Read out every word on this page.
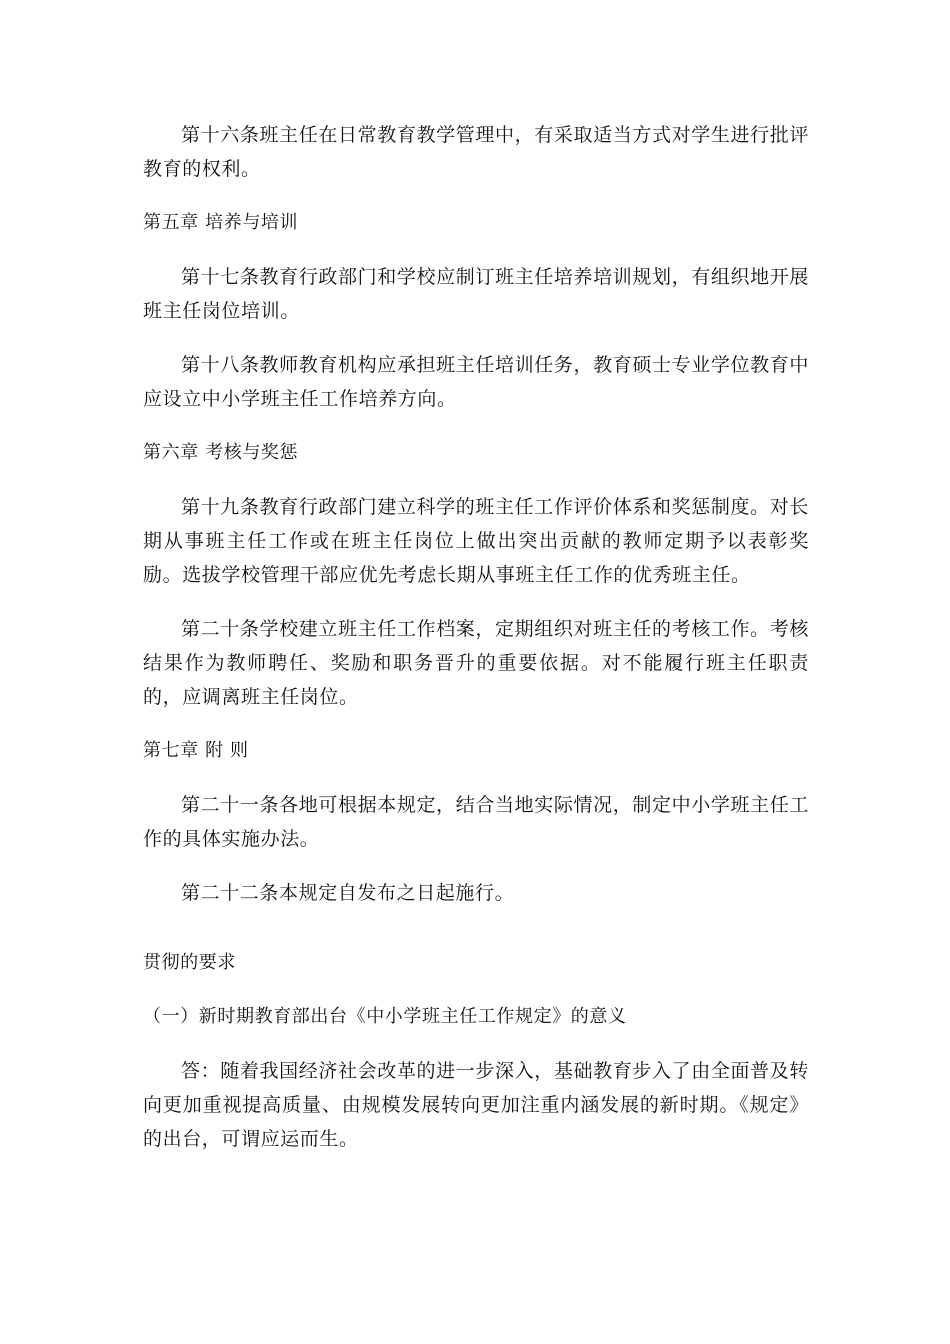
第十六条班主任在日常教育教学管理中，有采取适当方式对学生进行批评教育的权利。

第五章 培养与培训

第十七条教育行政部门和学校应制订班主任培养培训规划，有组织地开展班主任岗位培训。

第十八条教师教育机构应承担班主任培训任务，教育硕士专业学位教育中应设立中小学班主任工作培养方向。

第六章 考核与奖惩

第十九条教育行政部门建立科学的班主任工作评价体系和奖惩制度。对长期从事班主任工作或在班主任岗位上做出突出贡献的教师定期予以表彰奖励。选拔学校管理干部应优先考虑长期从事班主任工作的优秀班主任。

第二十条学校建立班主任工作档案，定期组织对班主任的考核工作。考核结果作为教师聘任、奖励和职务晋升的重要依据。对不能履行班主任职责的，应调离班主任岗位。

第七章 附 则

第二十一条各地可根据本规定，结合当地实际情况，制定中小学班主任工作的具体实施办法。

第二十二条本规定自发布之日起施行。

贯彻的要求

（一）新时期教育部出台《中小学班主任工作规定》的意义

答：随着我国经济社会改革的进一步深入，基础教育步入了由全面普及转向更加重视提高质量、由规模发展转向更加注重内涵发展的新时期。《规定》的出台，可谓应运而生。
